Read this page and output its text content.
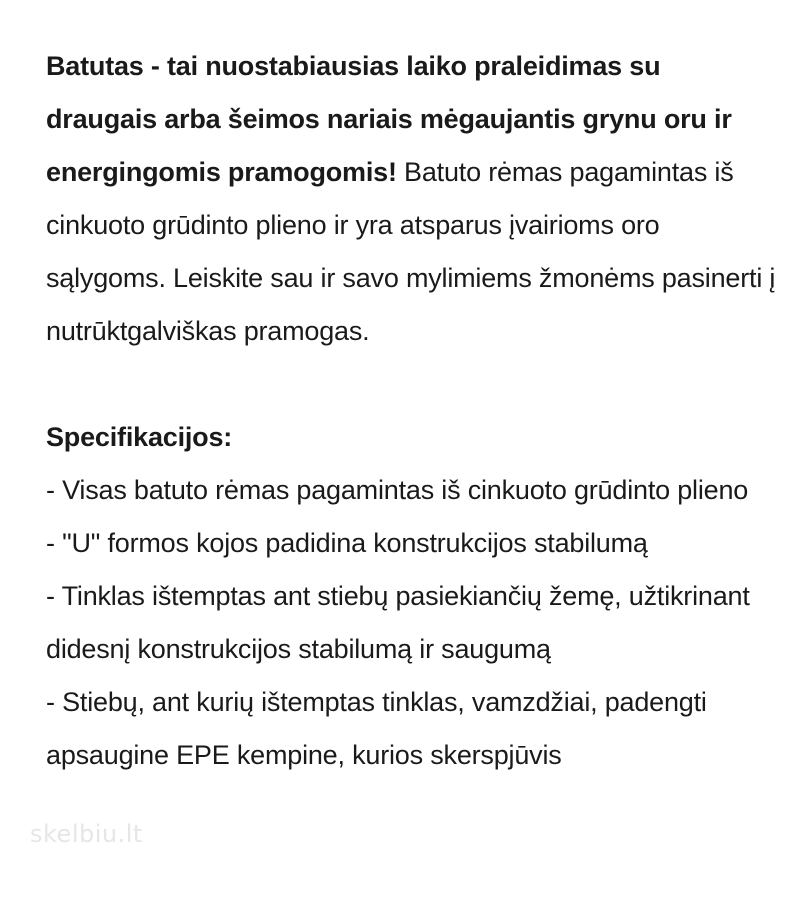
Batutas - tai nuostabiausias laiko praleidimas su draugais arba šeimos nariais mėgaujantis grynu oru ir energingomis pramogomis! Batuto rėmas pagamintas iš cinkuoto grūdinto plieno ir yra atsparus įvairioms oro sąlygoms. Leiskite sau ir savo mylimiems žmonėms pasinerti į nutrūktgalviškas pramogas.

Specifikacijos:

- Visas batuto rėmas pagamintas iš cinkuoto grūdinto plieno

- "U" formos kojos padidina konstrukcijos stabilumą

- Tinklas ištemptas ant stiebų pasiekiančių žemę, užtikrinant didesnį konstrukcijos stabilumą ir saugumą

- Stiebų, ant kurių ištemptas tinklas, vamzdžiai, padengti apsaugine EPE kempine, kurios skerspjūvis

skelbiu.lt
